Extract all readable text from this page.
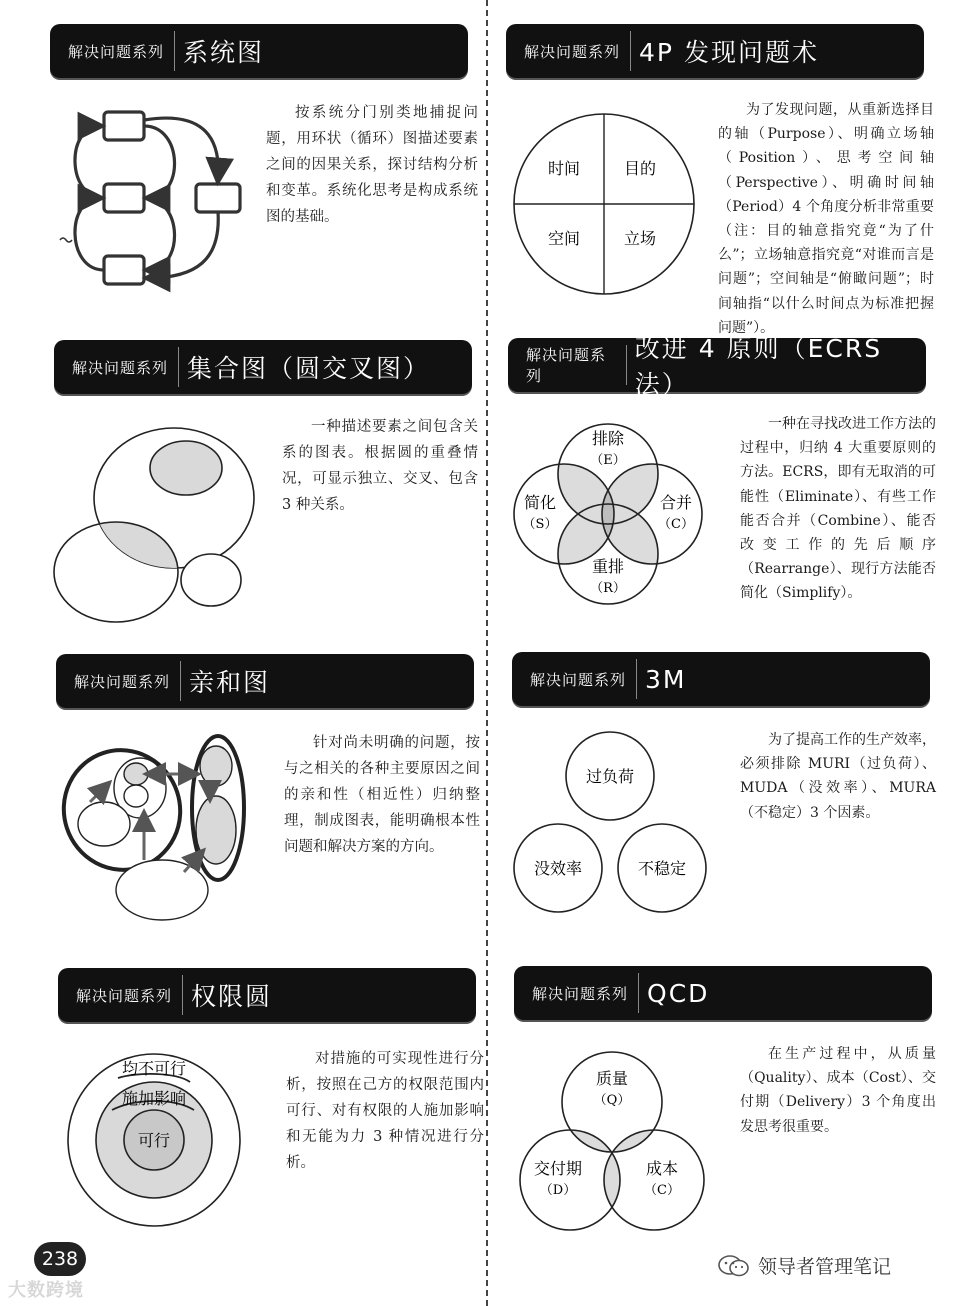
解决问题系列 系统图

按系统分门别类地捕捉问题，用环状（循环）图描述要素之间的因果关系，探讨结构分析和变革。系统化思考是构成系统图的基础。

解决问题系列 集合图（圆交叉图）

一种描述要素之间包含关系的图表。根据圆的重叠情况，可显示独立、交叉、包含 3 种关系。

解决问题系列 亲和图

针对尚未明确的问题，按与之相关的各种主要原因之间的亲和性（相近性）归纳整理，制成图表，能明确根本性问题和解决方案的方向。

解决问题系列 权限圆
均不可行
施加影响
可行

对措施的可实现性进行分析，按照在己方的权限范围内可行、对有权限的人施加影响和无能为力 3 种情况进行分析。

解决问题系列 4P 发现问题术
时间	目的
空间	立场

为了发现问题，从重新选择目的轴（Purpose）、明确立场轴（Position）、思考空间轴（Perspective）、明确时间轴（Period）4 个角度分析非常重要（注：目的轴意指究竟“为了什么”；立场轴意指究竟“对谁而言是问题”；空间轴是“俯瞰问题”；时间轴指“以什么时间点为标准把握问题”）。

解决问题系列
改进 4 原则（ECRS 法）
排除
（E）
简化
（S）
合并
（C）
重排
（R）

一种在寻找改进工作方法的过程中，归纳 4 大重要原则的方法。ECRS，即有无取消的可能性（Eliminate）、有些工作能否合并（Combine）、能否改变工作的先后顺序（Rearrange）、现行方法能否简化（Simplify）。

解决问题系列 3M
过负荷
没效率	不稳定

为了提高工作的生产效率，必须排除 MURI（过负荷）、MUDA（没效率）、MURA（不稳定）3 个因素。

解决问题系列 QCD
质量
（Q）
交付期
（D）
成本
（C）

在生产过程中，从质量（Quality）、成本（Cost）、交付期（Delivery）3 个角度出发思考很重要。

238
大数跨境
领导者管理笔记
